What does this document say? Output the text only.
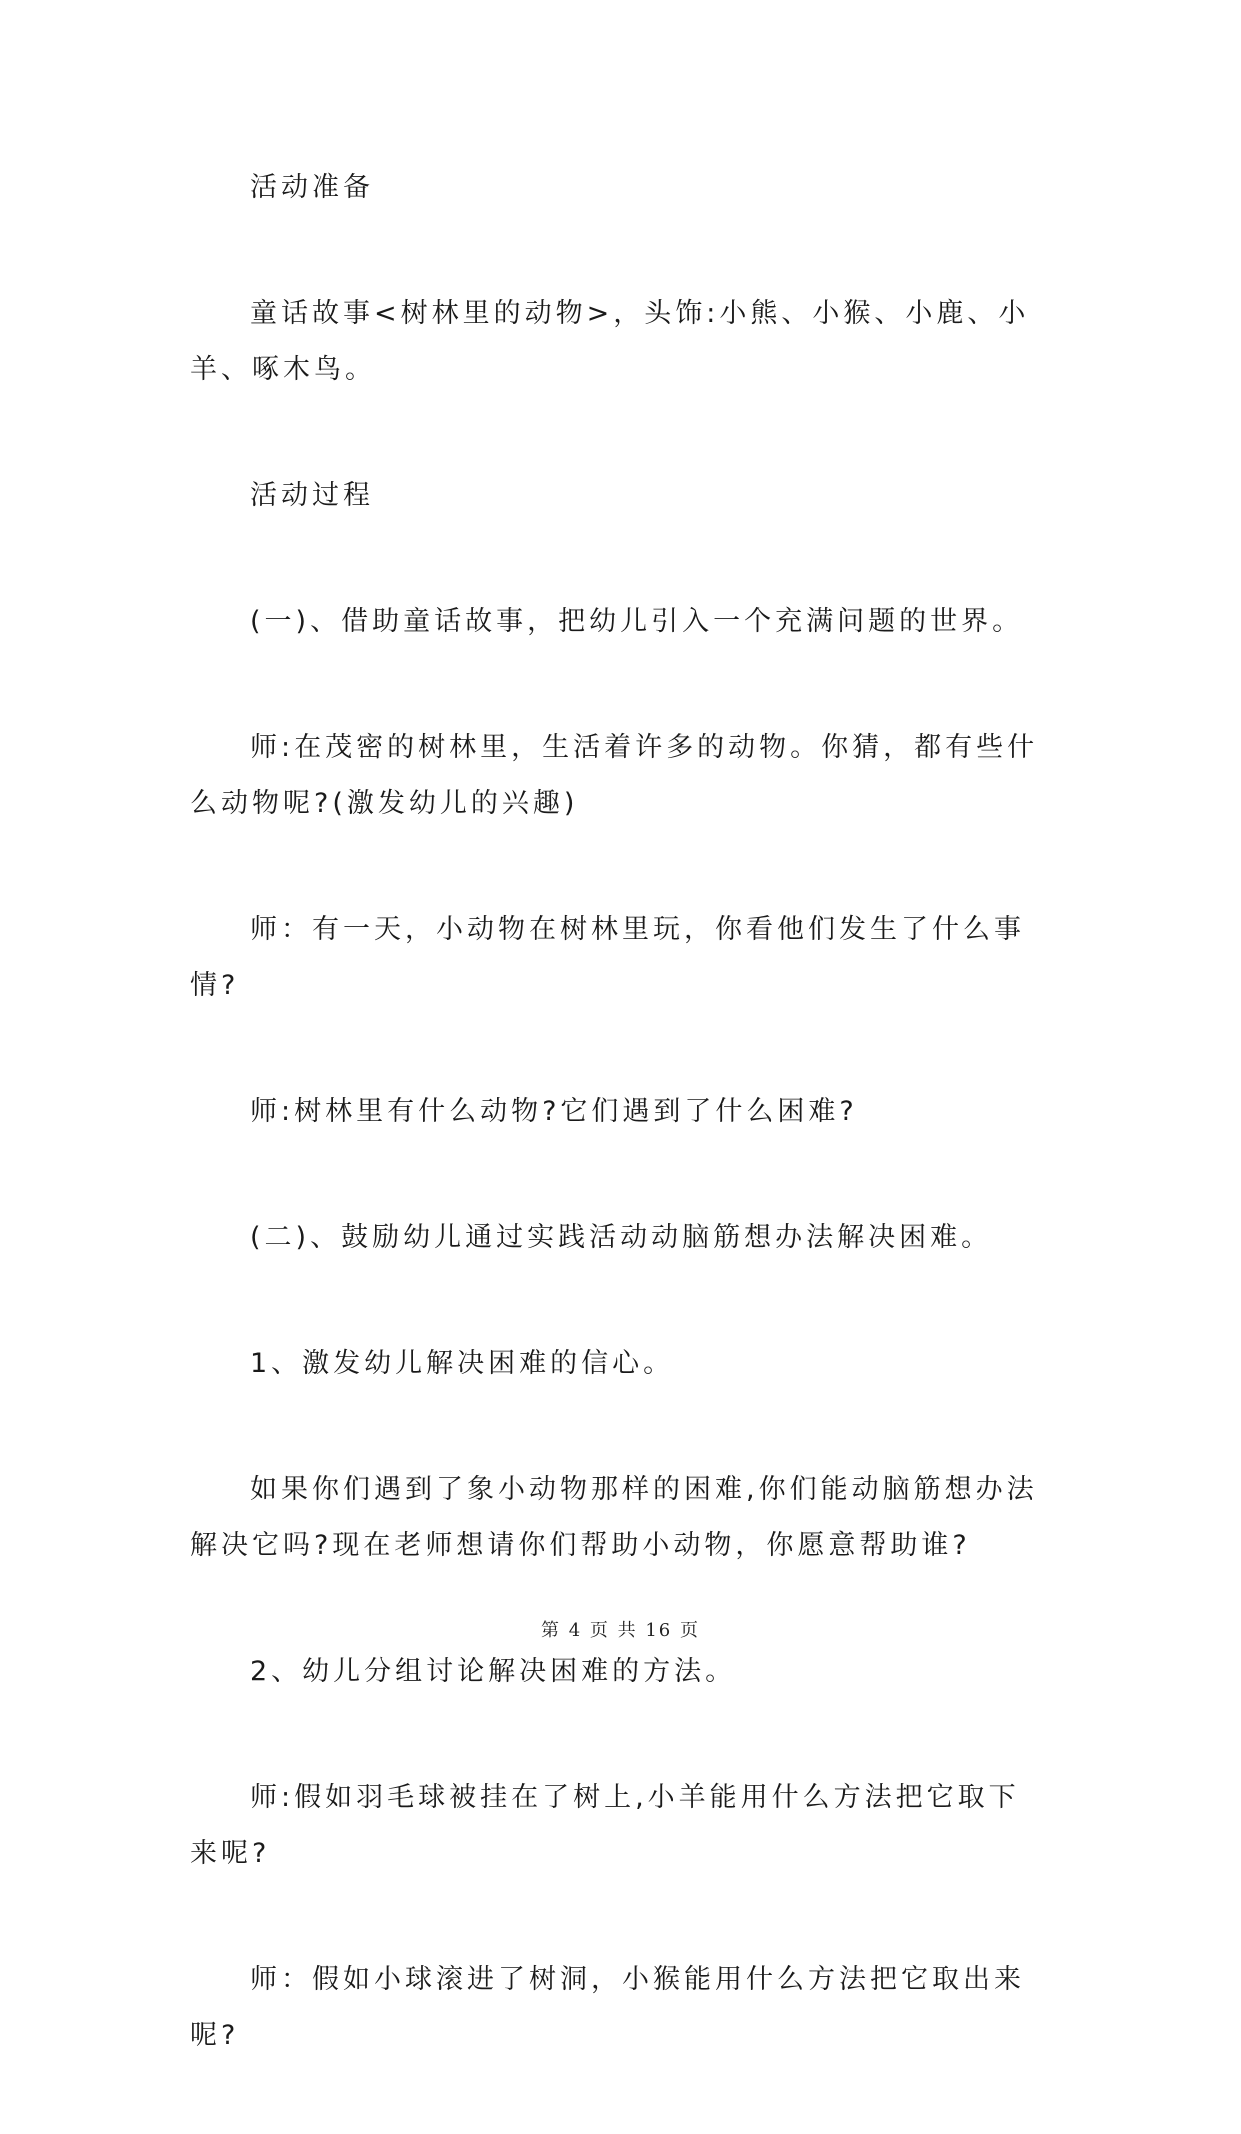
活动准备

童话故事<树林里的动物>，头饰:小熊、小猴、小鹿、小羊、啄木鸟。

活动过程

(一)、借助童话故事，把幼儿引入一个充满问题的世界。

师:在茂密的树林里，生活着许多的动物。你猜，都有些什么动物呢?(激发幼儿的兴趣)

师：有一天，小动物在树林里玩，你看他们发生了什么事情?

师:树林里有什么动物?它们遇到了什么困难?

(二)、鼓励幼儿通过实践活动动脑筋想办法解决困难。

1、激发幼儿解决困难的信心。

如果你们遇到了象小动物那样的困难,你们能动脑筋想办法解决它吗?现在老师想请你们帮助小动物，你愿意帮助谁?

2、幼儿分组讨论解决困难的方法。

师:假如羽毛球被挂在了树上,小羊能用什么方法把它取下来呢?

师：假如小球滚进了树洞，小猴能用什么方法把它取出来呢?

第 4 页 共 16 页
